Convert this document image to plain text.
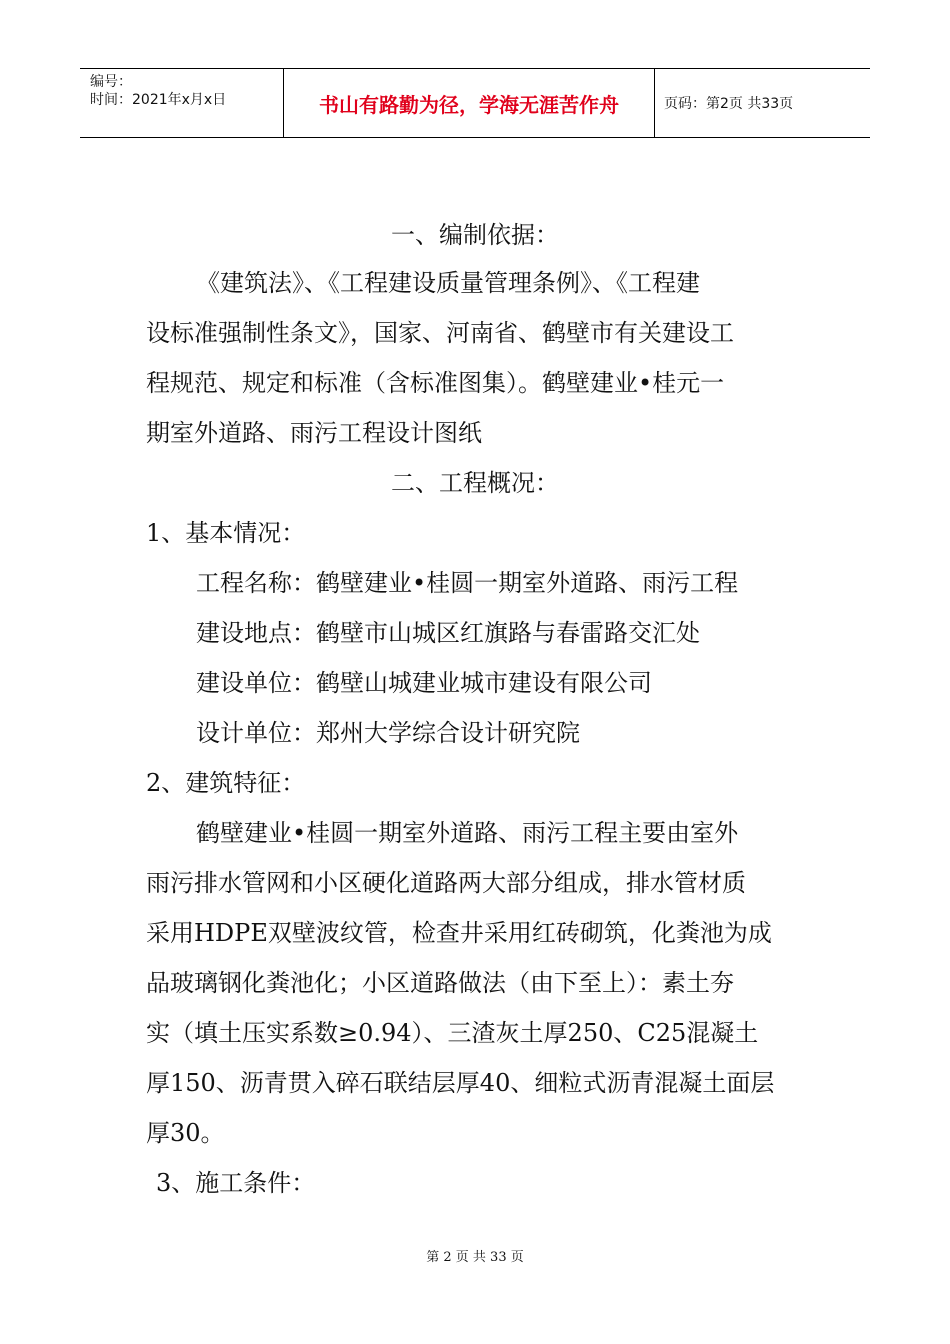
编号：
时间：2021年x月x日	书山有路勤为径，学海无涯苦作舟	页码：第2页 共33页
一、编制依据：
《建筑法》、《工程建设质量管理条例》、《工程建
设标准强制性条文》，国家、河南省、鹤壁市有关建设工
程规范、规定和标准（含标准图集）。鹤壁建业•桂元一
期室外道路、雨污工程设计图纸
二、工程概况：
1、基本情况：
工程名称：鹤壁建业•桂圆一期室外道路、雨污工程
建设地点：鹤壁市山城区红旗路与春雷路交汇处
建设单位：鹤壁山城建业城市建设有限公司
设计单位：郑州大学综合设计研究院
2、建筑特征：
鹤壁建业•桂圆一期室外道路、雨污工程主要由室外
雨污排水管网和小区硬化道路两大部分组成，排水管材质
采用HDPE双壁波纹管，检查井采用红砖砌筑，化粪池为成
品玻璃钢化粪池化；小区道路做法（由下至上）：素土夯
实（填土压实系数≥0.94）、三渣灰土厚250、C25混凝土
厚150、沥青贯入碎石联结层厚40、细粒式沥青混凝土面层
厚30。
3、施工条件：
第 2 页 共 33 页
